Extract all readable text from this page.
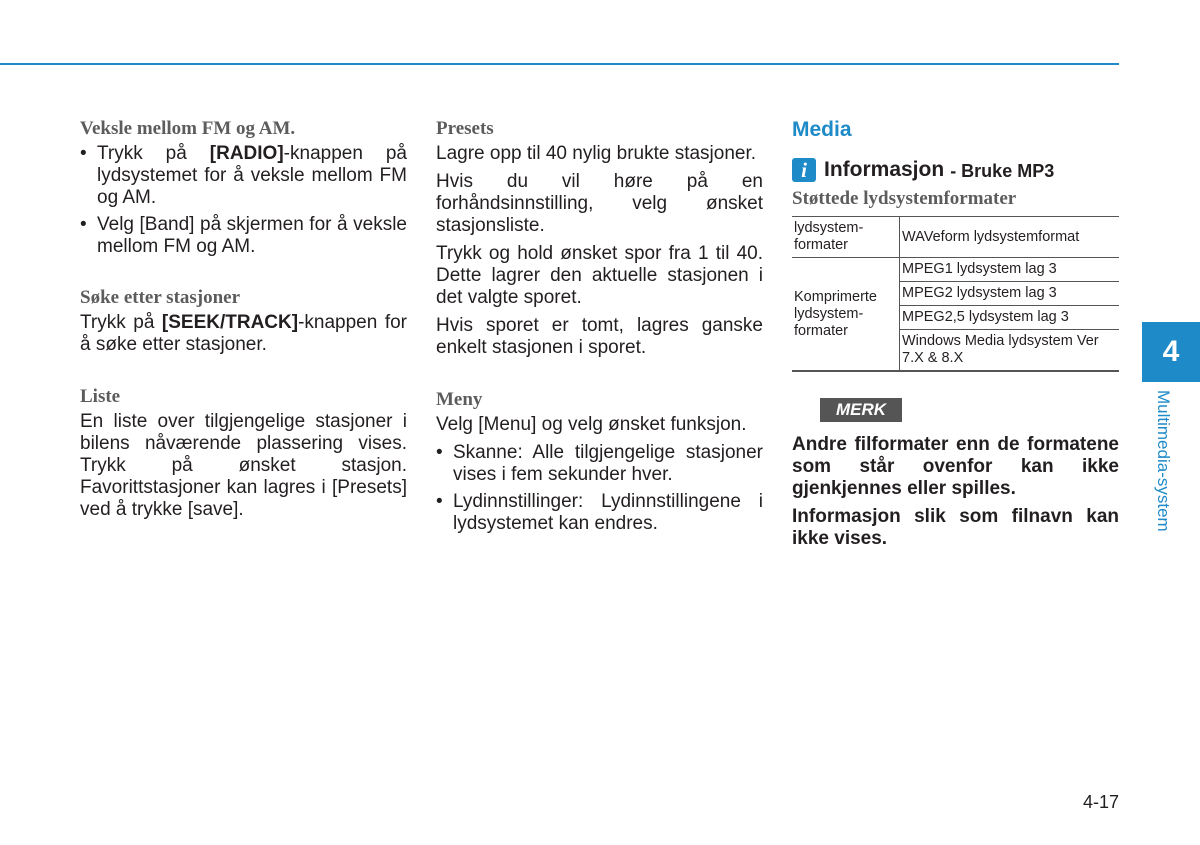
Veksle mellom FM og AM.
• Trykk på [RADIO]-knappen på lydsystemet for å veksle mellom FM og AM.
• Velg [Band] på skjermen for å veksle mellom FM og AM.
Søke etter stasjoner

Trykk på [SEEK/TRACK]-knappen for å søke etter stasjoner.

Liste

En liste over tilgjengelige stasjoner i bilens nåværende plassering vises. Trykk på ønsket stasjon. Favorittstasjoner kan lagres i [Presets] ved å trykke [save].

Presets

Lagre opp til 40 nylig brukte stasjoner.

Hvis du vil høre på en forhåndsinnstilling, velg ønsket stasjonsliste.

Trykk og hold ønsket spor fra 1 til 40. Dette lagrer den aktuelle stasjonen i det valgte sporet.

Hvis sporet er tomt, lagres ganske enkelt stasjonen i sporet.

Meny

Velg [Menu] og velg ønsket funksjon.

• Skanne: Alle tilgjengelige stasjoner vises i fem sekunder hver.
• Lydinnstillinger: Lydinnstillingene i lydsystemet kan endres.
Media
i Informasjon - Bruke MP3
Støttede lydsystemformater
lydsystem-formater	WAVeform lydsystemformat
Komprimerte lydsystem-formater	MPEG1 lydsystem lag 3
	MPEG2 lydsystem lag 3
	MPEG2,5 lydsystem lag 3
	Windows Media lydsystem Ver 7.X & 8.X
MERK

Andre filformater enn de formatene som står ovenfor kan ikke gjenkjennes eller spilles.

Informasjon slik som filnavn kan ikke vises.

4
Multimedia-system
4-17
